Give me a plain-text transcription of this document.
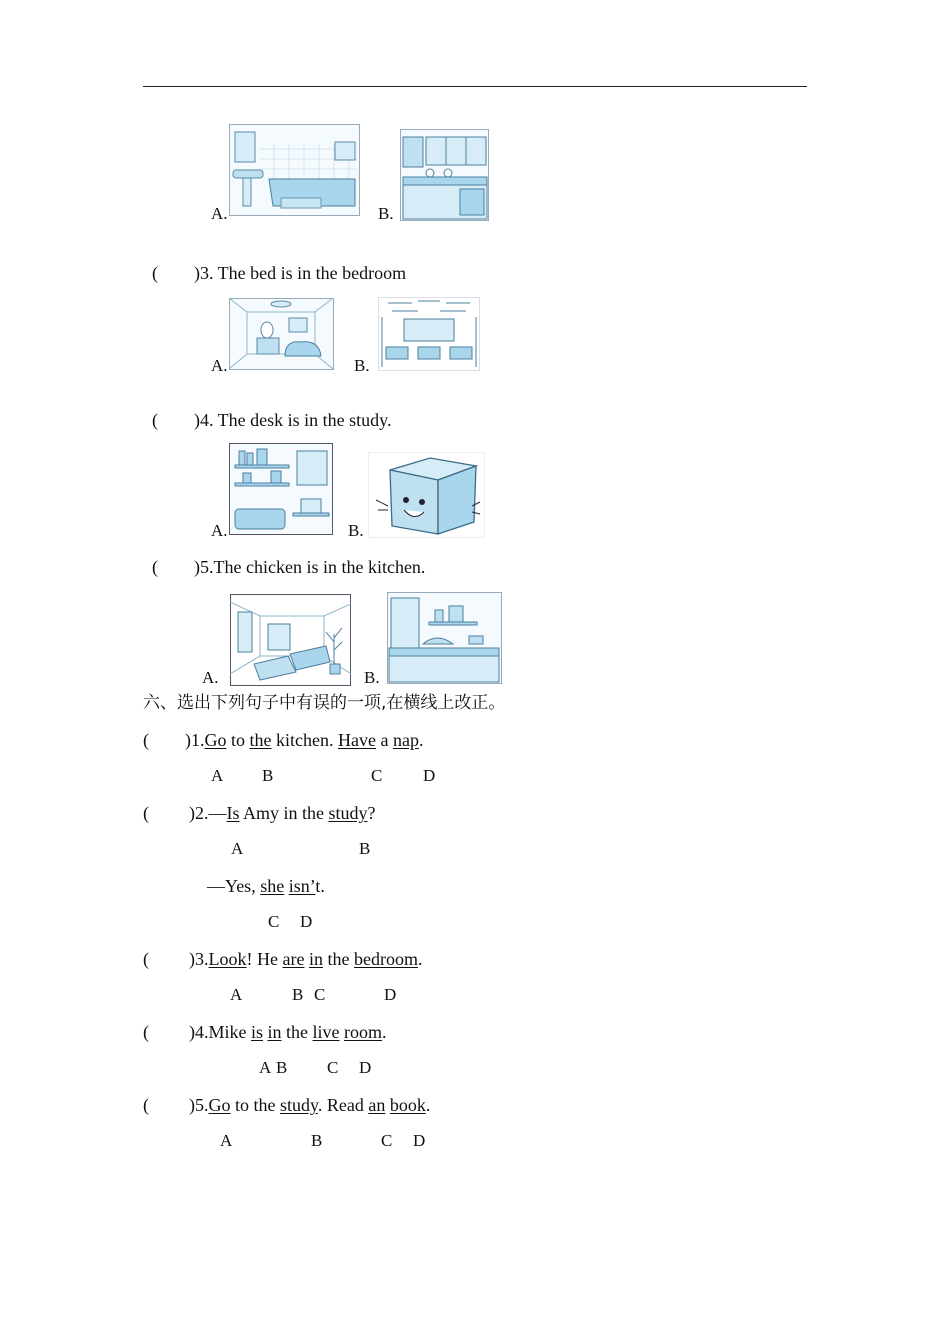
A.	B.
(　　)3. The bed is in the bedroom
A.	B.
(　　)4. The desk is in the study.
A.	B.
(　　)5.The chicken is in the kitchen.
A.	B.
六、选出下列句子中有误的一项,在横线上改正。
( )1.Go to the kitchen. Have a nap.
A B	C D
( )2.—Is Amy in the study?
A	B
—Yes, she isn’t.
C D
( )3.Look! He are in the bedroom.
A	B C	D
( )4.Mike is in the live room.
A B C D
( )5.Go to the study. Read an book.
A	B	C D
